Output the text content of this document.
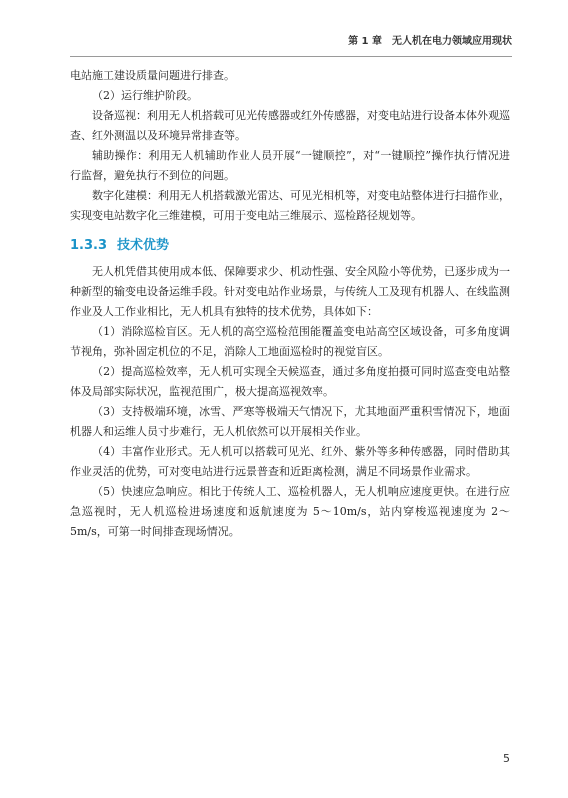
第 1 章　无人机在电力领域应用现状

电站施工建设质量问题进行排查。

（2）运行维护阶段。

设备巡视：利用无人机搭载可见光传感器或红外传感器，对变电站进行设备本体外观巡查、红外测温以及环境异常排查等。

辅助操作：利用无人机辅助作业人员开展“一键顺控”，对“一键顺控”操作执行情况进行监督，避免执行不到位的问题。

数字化建模：利用无人机搭载激光雷达、可见光相机等，对变电站整体进行扫描作业，实现变电站数字化三维建模，可用于变电站三维展示、巡检路径规划等。

1.3.3 技术优势

无人机凭借其使用成本低、保障要求少、机动性强、安全风险小等优势，已逐步成为一种新型的输变电设备运维手段。针对变电站作业场景，与传统人工及现有机器人、在线监测作业及人工作业相比，无人机具有独特的技术优势，具体如下：

（1）消除巡检盲区。无人机的高空巡检范围能覆盖变电站高空区域设备，可多角度调节视角，弥补固定机位的不足，消除人工地面巡检时的视觉盲区。

（2）提高巡检效率，无人机可实现全天候巡查，通过多角度拍摄可同时巡查变电站整体及局部实际状况，监视范围广，极大提高巡视效率。

（3）支持极端环境，冰雪、严寒等极端天气情况下，尤其地面严重积雪情况下，地面机器人和运维人员寸步难行，无人机依然可以开展相关作业。

（4）丰富作业形式。无人机可以搭载可见光、红外、紫外等多种传感器，同时借助其作业灵活的优势，可对变电站进行远景普查和近距离检测，满足不同场景作业需求。

（5）快速应急响应。相比于传统人工、巡检机器人，无人机响应速度更快。在进行应急巡视时，无人机巡检进场速度和返航速度为 5～10m/s，站内穿梭巡视速度为 2～5m/s，可第一时间排查现场情况。

5
